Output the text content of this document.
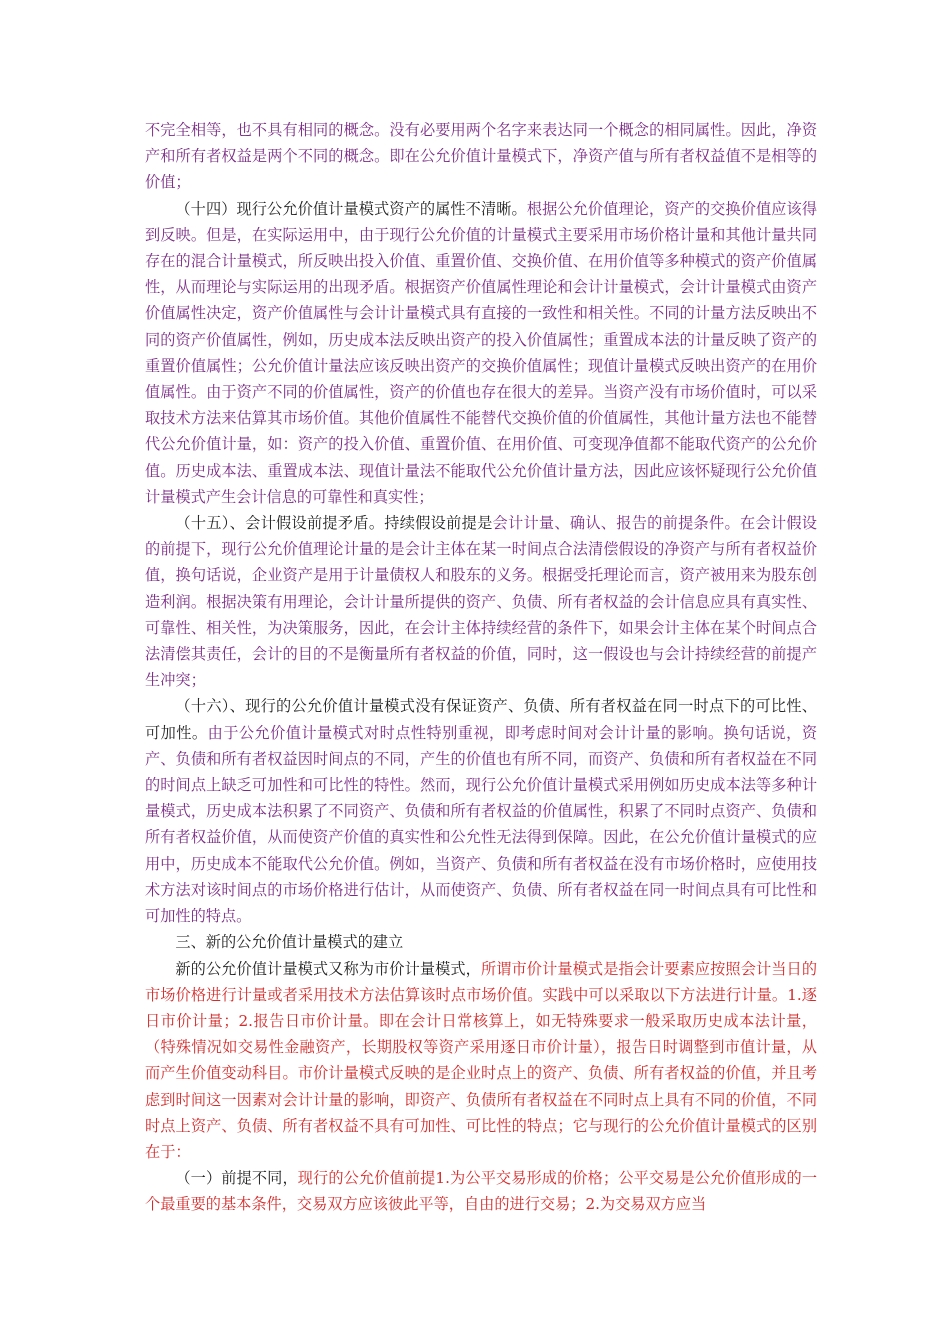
不完全相等，也不具有相同的概念。没有必要用两个名字来表达同一个概念的相同属性。因此，净资产和所有者权益是两个不同的概念。即在公允价值计量模式下，净资产值与所有者权益值不是相等的价值；

（十四）现行公允价值计量模式资产的属性不清晰。根据公允价值理论，资产的交换价值应该得到反映。但是，在实际运用中，由于现行公允价值的计量模式主要采用市场价格计量和其他计量共同存在的混合计量模式，所反映出投入价值、重置价值、交换价值、在用价值等多种模式的资产价值属性，从而理论与实际运用的出现矛盾。根据资产价值属性理论和会计计量模式，会计计量模式由资产价值属性决定，资产价值属性与会计计量模式具有直接的一致性和相关性。不同的计量方法反映出不同的资产价值属性，例如，历史成本法反映出资产的投入价值属性；重置成本法的计量反映了资产的重置价值属性；公允价值计量法应该反映出资产的交换价值属性；现值计量模式反映出资产的在用价值属性。由于资产不同的价值属性，资产的价值也存在很大的差异。当资产没有市场价值时，可以采取技术方法来估算其市场价值。其他价值属性不能替代交换价值的价值属性，其他计量方法也不能替代公允价值计量，如：资产的投入价值、重置价值、在用价值、可变现净值都不能取代资产的公允价值。历史成本法、重置成本法、现值计量法不能取代公允价值计量方法，因此应该怀疑现行公允价值计量模式产生会计信息的可靠性和真实性；

（十五）、会计假设前提矛盾。持续假设前提是会计计量、确认、报告的前提条件。在会计假设的前提下，现行公允价值理论计量的是会计主体在某一时间点合法清偿假设的净资产与所有者权益价值，换句话说，企业资产是用于计量债权人和股东的义务。根据受托理论而言，资产被用来为股东创造利润。根据决策有用理论，会计计量所提供的资产、负债、所有者权益的会计信息应具有真实性、可靠性、相关性，为决策服务，因此，在会计主体持续经营的条件下，如果会计主体在某个时间点合法清偿其责任，会计的目的不是衡量所有者权益的价值，同时，这一假设也与会计持续经营的前提产生冲突；

（十六）、现行的公允价值计量模式没有保证资产、负债、所有者权益在同一时点下的可比性、可加性。由于公允价值计量模式对时点性特别重视，即考虑时间对会计计量的影响。换句话说，资产、负债和所有者权益因时间点的不同，产生的价值也有所不同，而资产、负债和所有者权益在不同的时间点上缺乏可加性和可比性的特性。然而，现行公允价值计量模式采用例如历史成本法等多种计量模式，历史成本法积累了不同资产、负债和所有者权益的价值属性，积累了不同时点资产、负债和所有者权益价值，从而使资产价值的真实性和公允性无法得到保障。因此，在公允价值计量模式的应用中，历史成本不能取代公允价值。例如，当资产、负债和所有者权益在没有市场价格时，应使用技术方法对该时间点的市场价格进行估计，从而使资产、负债、所有者权益在同一时间点具有可比性和可加性的特点。

三、新的公允价值计量模式的建立

新的公允价值计量模式又称为市价计量模式，所谓市价计量模式是指会计要素应按照会计当日的市场价格进行计量或者采用技术方法估算该时点市场价值。实践中可以采取以下方法进行计量。1.逐日市价计量；2.报告日市价计量。即在会计日常核算上，如无特殊要求一般采取历史成本法计量，（特殊情况如交易性金融资产，长期股权等资产采用逐日市价计量），报告日时调整到市值计量，从而产生价值变动科目。市价计量模式反映的是企业时点上的资产、负债、所有者权益的价值，并且考虑到时间这一因素对会计计量的影响，即资产、负债所有者权益在不同时点上具有不同的价值，不同时点上资产、负债、所有者权益不具有可加性、可比性的特点；它与现行的公允价值计量模式的区别在于：

（一）前提不同，现行的公允价值前提1.为公平交易形成的价格；公平交易是公允价值形成的一个最重要的基本条件，交易双方应该彼此平等，自由的进行交易；2.为交易双方应当
